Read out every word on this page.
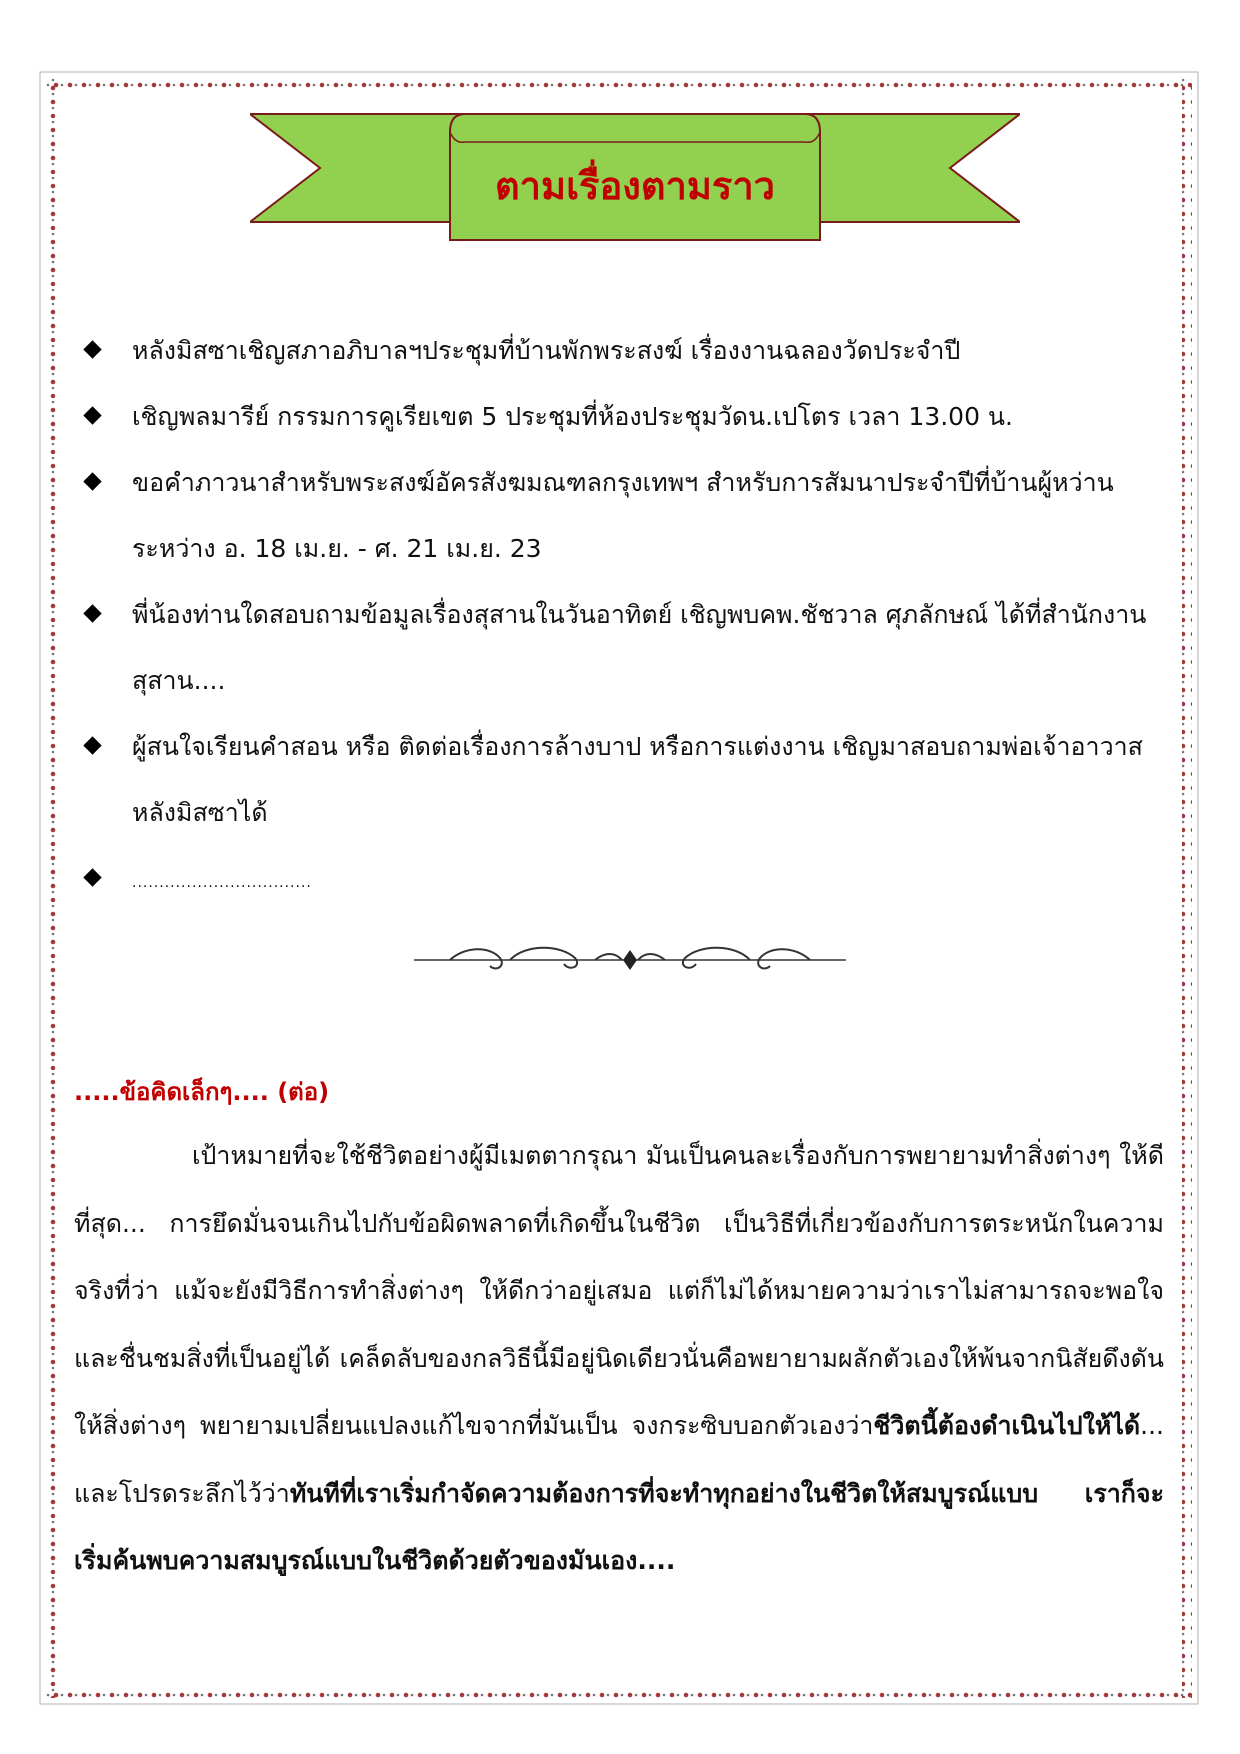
ตามเรื่องตามราว
หลังมิสซาเชิญสภาอภิบาลฯประชุมที่บ้านพักพระสงฆ์ เรื่องงานฉลองวัดประจำปี
เชิญพลมารีย์ กรรมการคูเรียเขต 5 ประชุมที่ห้องประชุมวัดน.เปโตร เวลา 13.00 น.
ขอคำภาวนาสำหรับพระสงฆ์อัครสังฆมณฑลกรุงเทพฯ สำหรับการสัมนาประจำปีที่บ้านผู้หว่าน ระหว่าง อ. 18 เม.ย. - ศ. 21 เม.ย. 23
พี่น้องท่านใดสอบถามข้อมูลเรื่องสุสานในวันอาทิตย์ เชิญพบคพ.ชัชวาล ศุภลักษณ์ ได้ที่สำนักงานสุสาน....
ผู้สนใจเรียนคำสอน หรือ ติดต่อเรื่องการล้างบาป หรือการแต่งงาน เชิญมาสอบถามพ่อเจ้าอาวาส หลังมิสซาได้
.................................
.....ข้อคิดเล็กๆ.... (ต่อ)

เป้าหมายที่จะใช้ชีวิตอย่างผู้มีเมตตากรุณา มันเป็นคนละเรื่องกับการพยายามทำสิ่งต่างๆ ให้ดีที่สุด... การยึดมั่นจนเกินไปกับข้อผิดพลาดที่เกิดขึ้นในชีวิต เป็นวิธีที่เกี่ยวข้องกับการตระหนักในความจริงที่ว่า แม้จะยังมีวิธีการทำสิ่งต่างๆ ให้ดีกว่าอยู่เสมอ แต่ก็ไม่ได้หมายความว่าเราไม่สามารถจะพอใจและชื่นชมสิ่งที่เป็นอยู่ได้ เคล็ดลับของกลวิธีนี้มีอยู่นิดเดียวนั่นคือพยายามผลักตัวเองให้พ้นจากนิสัยดึงดันให้สิ่งต่างๆ พยายามเปลี่ยนแปลงแก้ไขจากที่มันเป็น จงกระซิบบอกตัวเองว่าชีวิตนี้ต้องดำเนินไปให้ได้... และโปรดระลึกไว้ว่าทันทีที่เราเริ่มกำจัดความต้องการที่จะทำทุกอย่างในชีวิตให้สมบูรณ์แบบ เราก็จะเริ่มค้นพบความสมบูรณ์แบบในชีวิตด้วยตัวของมันเอง....
